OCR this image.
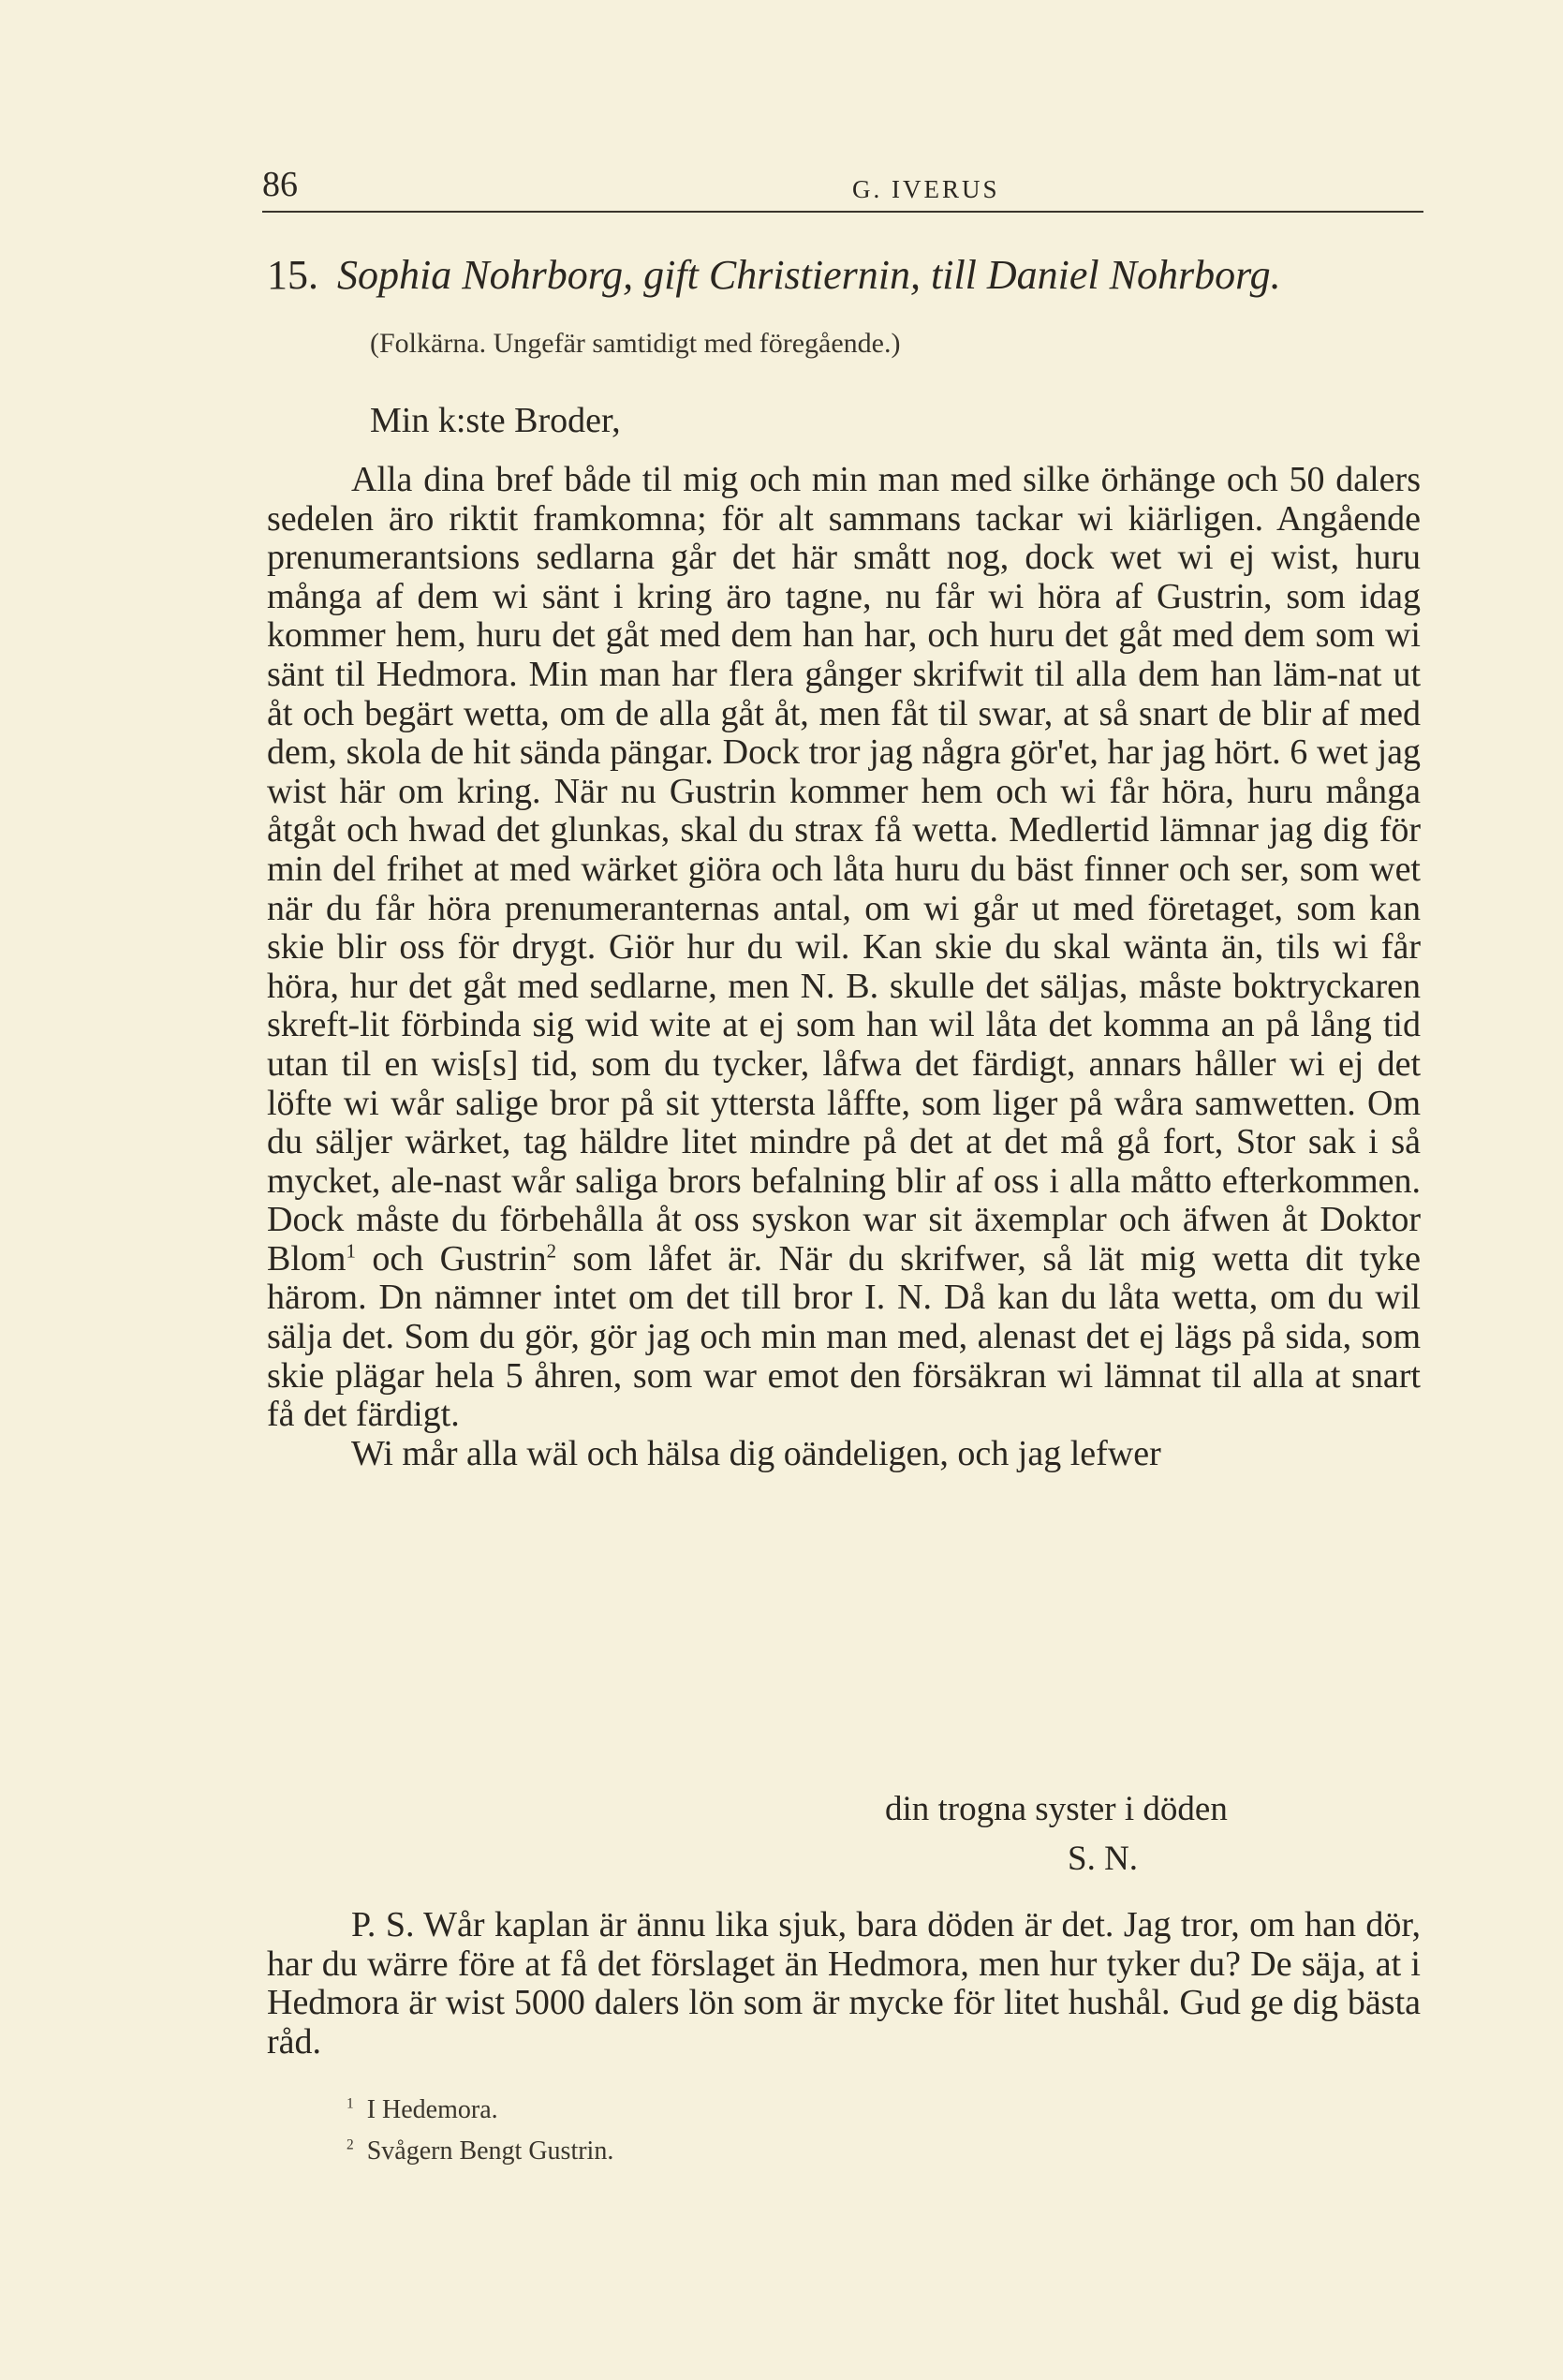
86	G. IVERUS
15. Sophia Nohrborg, gift Christiernin, till Daniel Nohrborg.
(Folkärna. Ungefär samtidigt med föregående.)
Min k:ste Broder,

Alla dina bref både til mig och min man med silke örhänge och 50 dalers sedelen äro riktit framkomna; för alt sammans tackar wi kiärligen. Angående prenumerantsions sedlarna går det här smått nog, dock wet wi ej wist, huru många af dem wi sänt i kring äro tagne, nu får wi höra af Gustrin, som idag kommer hem, huru det gåt med dem han har, och huru det gåt med dem som wi sänt til Hedmora. Min man har flera gånger skrifwit til alla dem han läm-nat ut åt och begärt wetta, om de alla gåt åt, men fåt til swar, at så snart de blir af med dem, skola de hit sända pängar. Dock tror jag några gör'et, har jag hört. 6 wet jag wist här om kring. När nu Gustrin kommer hem och wi får höra, huru många åtgåt och hwad det glunkas, skal du strax få wetta. Medlertid lämnar jag dig för min del frihet at med wärket giöra och låta huru du bäst finner och ser, som wet när du får höra prenumeranternas antal, om wi går ut med företaget, som kan skie blir oss för drygt. Giör hur du wil. Kan skie du skal wänta än, tils wi får höra, hur det gåt med sedlarne, men N. B. skulle det säljas, måste boktryckaren skreft-lit förbinda sig wid wite at ej som han wil låta det komma an på lång tid utan til en wis[s] tid, som du tycker, låfwa det färdigt, annars håller wi ej det löfte wi wår salige bror på sit yttersta låffte, som liger på wåra samwetten. Om du säljer wärket, tag häldre litet mindre på det at det må gå fort, Stor sak i så mycket, ale-nast wår saliga brors befalning blir af oss i alla måtto efterkommen. Dock måste du förbehålla åt oss syskon war sit äxemplar och äfwen åt Doktor Blom$^1$ och Gustrin$^2$ som låfet är. När du skrifwer, så lät mig wetta dit tyke härom. Dn nämner intet om det till bror I. N. Då kan du låta wetta, om du wil sälja det. Som du gör, gör jag och min man med, alenast det ej lägs på sida, som skie plägar hela 5 åhren, som war emot den försäkran wi lämnat til alla at snart få det färdigt.

Wi mår alla wäl och hälsa dig oändeligen, och jag lefwer

din trogna syster i döden
S. N.

P. S. Wår kaplan är ännu lika sjuk, bara döden är det. Jag tror, om han dör, har du wärre före at få det förslaget än Hedmora, men hur tyker du? De säja, at i Hedmora är wist 5000 dalers lön som är mycke för litet hushål. Gud ge dig bästa råd.

$^1$ I Hedemora.
$^2$ Svågern Bengt Gustrin.
